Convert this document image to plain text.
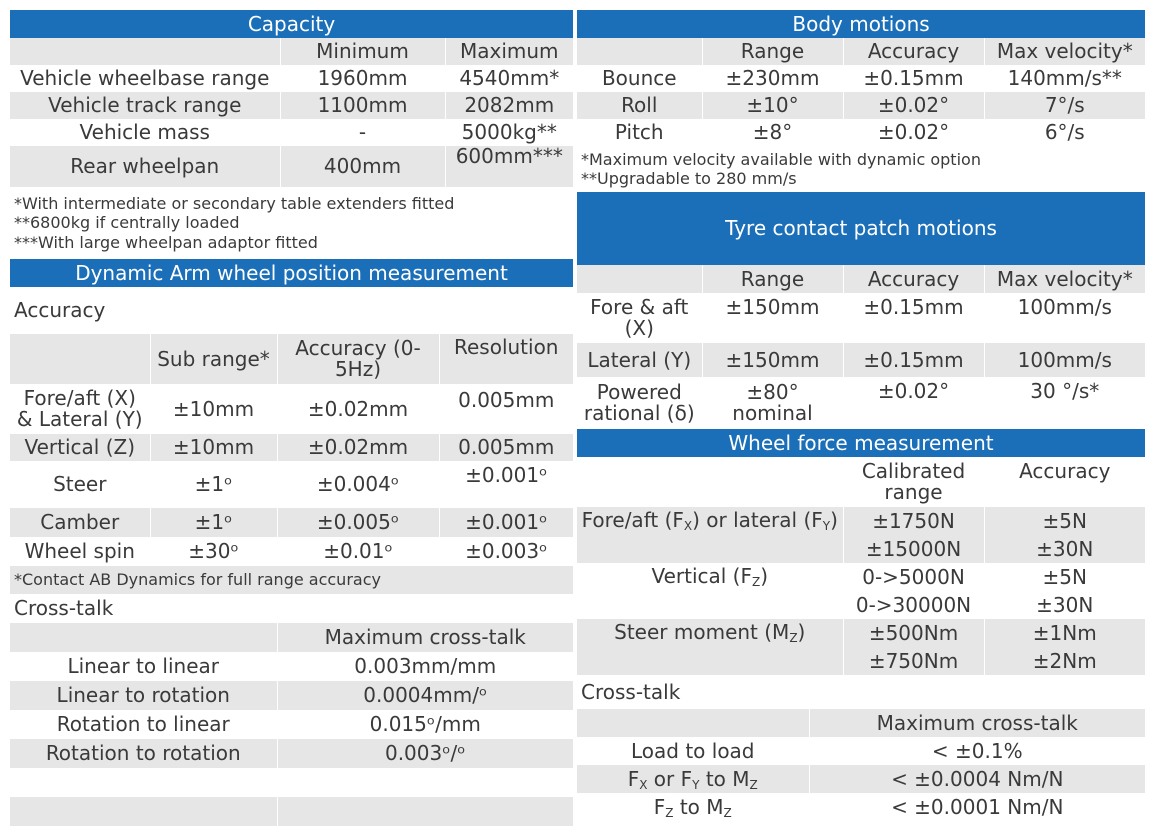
Capacity		
	Minimum	Maximum
Vehicle wheelbase range	1960mm	4540mm*
Vehicle track range	1100mm	2082mm
Vehicle mass	-	5000kg**
Rear wheelpan	400mm	600mm***

*With intermediate or secondary table extenders fitted
**6800kg if centrally loaded
***With large wheelpan adaptor fitted		
Dynamic Arm wheel position measurement			
Accuracy			
	Sub range*	Accuracy (0-5Hz)	Resolution
Fore/aft (X) & Lateral (Y)	±10mm	±0.02mm	0.005mm
Vertical (Z)	±10mm	±0.02mm	0.005mm
Steer	±1ᵒ	±0.004ᵒ	±0.001ᵒ
Camber	±1ᵒ	±0.005ᵒ	±0.001ᵒ
Wheel spin	±30ᵒ	±0.01ᵒ	±0.003ᵒ
*Contact AB Dynamics for full range accuracy			
Cross-talk			
	Maximum cross-talk
Linear to linear	0.003mm/mm
Linear to rotation	0.0004mm/ᵒ
Rotation to linear	0.015ᵒ/mm
Rotation to rotation	0.003ᵒ/ᵒ

Body motions			
	Range	Accuracy	Max velocity*
Bounce	±230mm	±0.15mm	140mm/s**
Roll	±10°	±0.02°	7°/s
Pitch	±8°	±0.02°	6°/s

*Maximum velocity available with dynamic option
**Upgradable to 280 mm/s			
Tyre contact patch motions			
	Range	Accuracy	Max velocity*
Fore & aft (X)	±150mm	±0.15mm	100mm/s
Lateral (Y)	±150mm	±0.15mm	100mm/s
Powered rational (δ)	±80° nominal	±0.02°	30 °/s*
Wheel force measurement		
	Calibrated range	Accuracy
Fore/aft $(F_X)$ or lateral $(F_Y)$	±1750N	±5N
	±15000N	±30N
Vertical $(F_Z)$	0->5000N	±5N
	0->30000N	±30N
Steer moment $(M_Z)$	±500Nm	±1Nm
	±750Nm	±2Nm
Cross-talk		
	Maximum cross-talk
Load to load	< ±0.1%
$F_X$ or $F_Y$ to $M_Z$	< ±0.0004 Nm/N
$F_Z$ to $M_Z$	< ±0.0001 Nm/N
